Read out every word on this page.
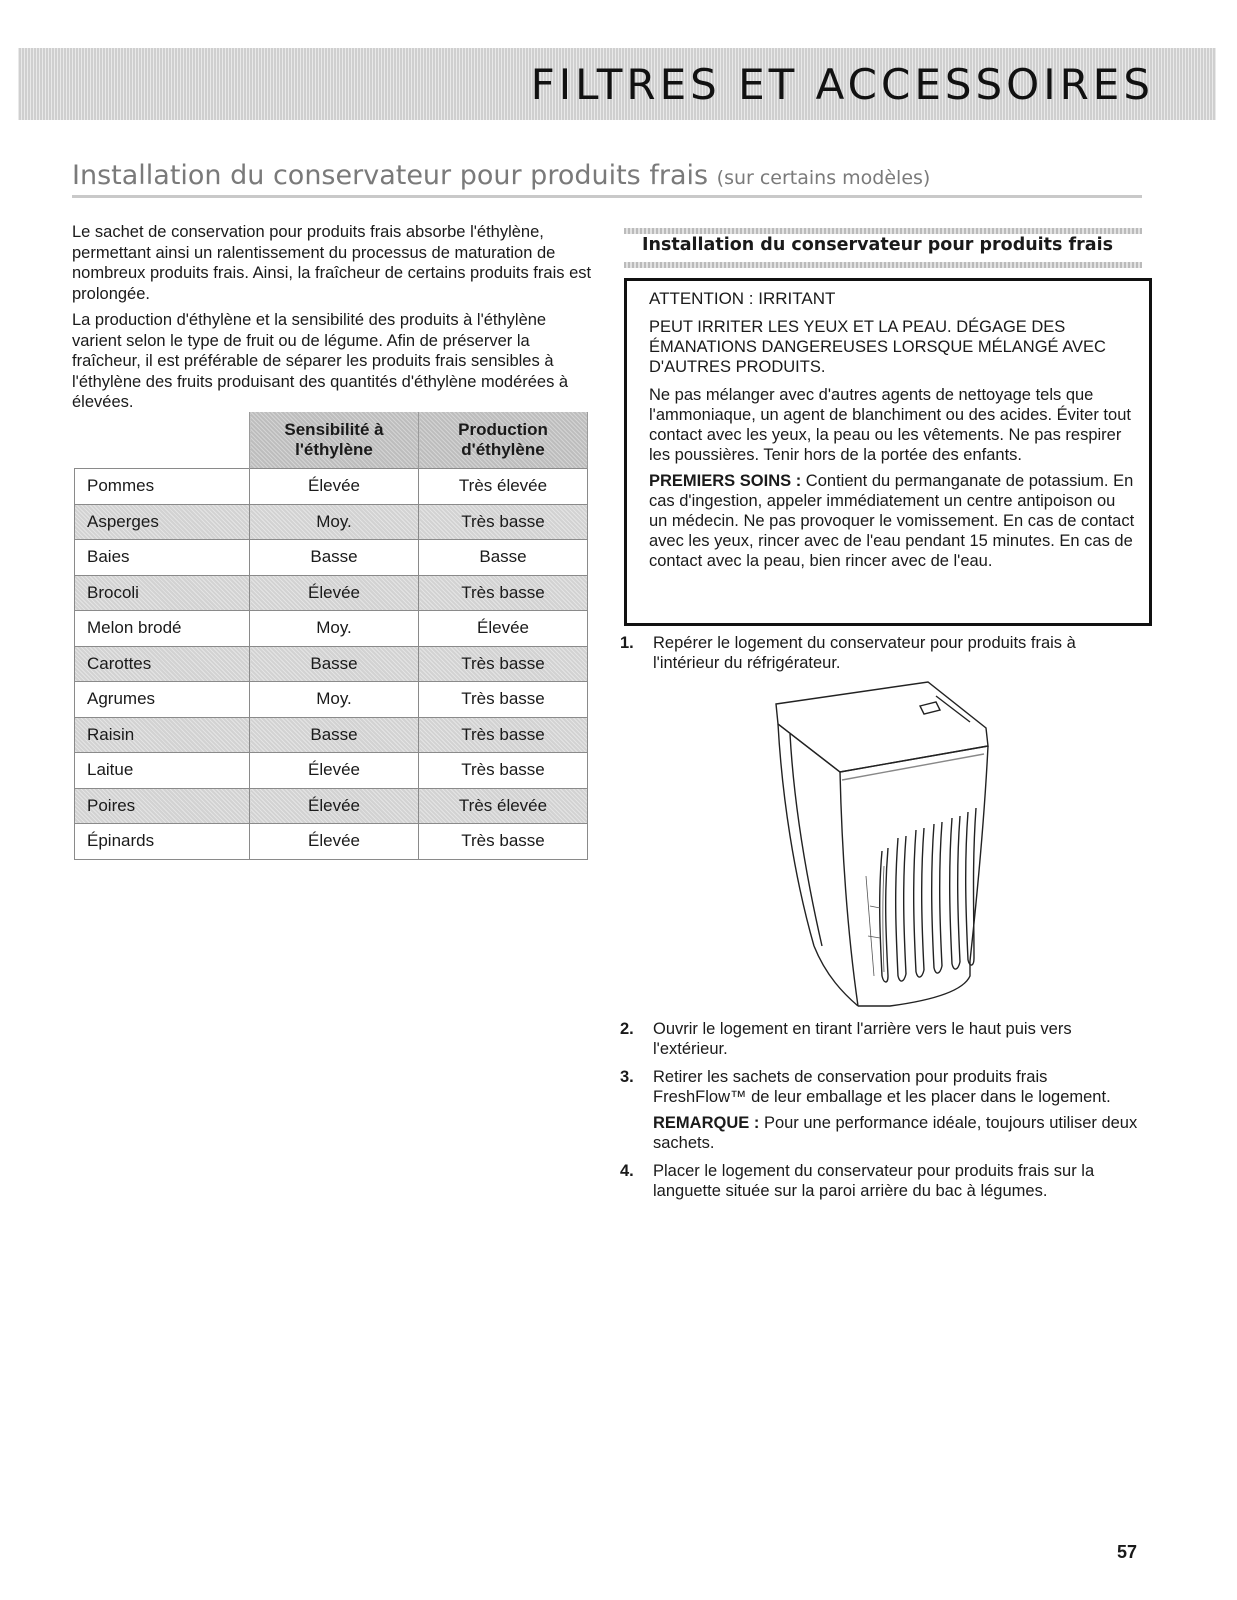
FILTRES ET ACCESSOIRES
Installation du conservateur pour produits frais (sur certains modèles)

Le sachet de conservation pour produits frais absorbe l'éthylène, permettant ainsi un ralentissement du processus de maturation de nombreux produits frais. Ainsi, la fraîcheur de certains produits frais est prolongée.

La production d'éthylène et la sensibilité des produits à l'éthylène varient selon le type de fruit ou de légume. Afin de préserver la fraîcheur, il est préférable de séparer les produits frais sensibles à l'éthylène des fruits produisant des quantités d'éthylène modérées à élevées.

	Sensibilité à l'éthylène	Production d'éthylène
Pommes	Élevée	Très élevée
Asperges	Moy.	Très basse
Baies	Basse	Basse
Brocoli	Élevée	Très basse
Melon brodé	Moy.	Élevée
Carottes	Basse	Très basse
Agrumes	Moy.	Très basse
Raisin	Basse	Très basse
Laitue	Élevée	Très basse
Poires	Élevée	Très élevée
Épinards	Élevée	Très basse
Installation du conservateur pour produits frais

ATTENTION : IRRITANT

PEUT IRRITER LES YEUX ET LA PEAU. DÉGAGE DES ÉMANATIONS DANGEREUSES LORSQUE MÉLANGÉ AVEC D'AUTRES PRODUITS.

Ne pas mélanger avec d'autres agents de nettoyage tels que l'ammoniaque, un agent de blanchiment ou des acides. Éviter tout contact avec les yeux, la peau ou les vêtements. Ne pas respirer les poussières. Tenir hors de la portée des enfants.

PREMIERS SOINS : Contient du permanganate de potassium. En cas d'ingestion, appeler immédiatement un centre antipoison ou un médecin. Ne pas provoquer le vomissement. En cas de contact avec les yeux, rincer avec de l'eau pendant 15 minutes. En cas de contact avec la peau, bien rincer avec de l'eau.

1. Repérer le logement du conservateur pour produits frais à l'intérieur du réfrigérateur.

2. Ouvrir le logement en tirant l'arrière vers le haut puis vers l'extérieur.

3. Retirer les sachets de conservation pour produits frais FreshFlow™ de leur emballage et les placer dans le logement.

REMARQUE : Pour une performance idéale, toujours utiliser deux sachets.

4. Placer le logement du conservateur pour produits frais sur la languette située sur la paroi arrière du bac à légumes.

57
